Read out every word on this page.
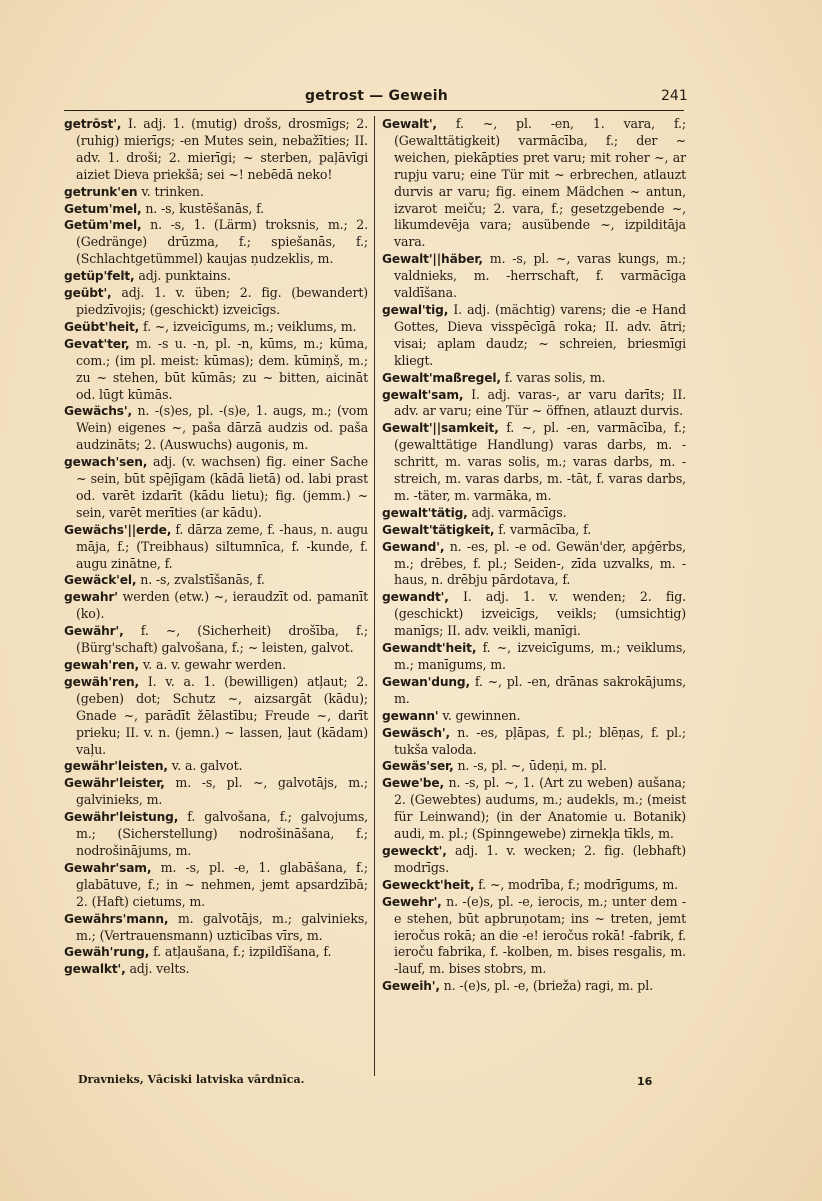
getrost — Geweih	241

getrōst', I. adj. 1. (mutig) drošs, drosmīgs; 2. (ruhig) mierīgs; -en Mutes sein, nebažīties; II. adv. 1. droši; 2. mierīgi; ~ sterben, paļāvīgi aiziet Dieva priekšā; sei ~! nebēdā neko!

getrunk'en v. trinken.

Getum'mel, n. -s, kustēšanās, f.

Getüm'mel, n. -s, 1. (Lärm) troksnis, m.; 2. (Gedränge) drūzma, f.; spiešanās, f.; (Schlachtgetümmel) kaujas ņudzeklis, m.

getüp'felt, adj. punktains.

geübt', adj. 1. v. üben; 2. fig. (bewandert) piedzīvojis; (geschickt) izveicīgs.

Geübt'heit, f. ~, izveicīgums, m.; veiklums, m.

Gevat'ter, m. -s u. -n, pl. -n, kūms, m.; kūma, com.; (im pl. meist: kūmas); dem. kūmiņš, m.; zu ~ stehen, būt kūmās; zu ~ bitten, aicināt od. lūgt kūmās.

Gewächs', n. -(s)es, pl. -(s)e, 1. augs, m.; (vom Wein) eigenes ~, paša dārzā audzis od. paša audzināts; 2. (Auswuchs) augonis, m.

gewach'sen, adj. (v. wachsen) fig. einer Sache ~ sein, būt spējīgam (kādā lietā) od. labi prast od. varēt izdarīt (kādu lietu); fig. (jemm.) ~ sein, varēt merīties (ar kādu).

Gewächs'||erde, f. dārza zeme, f. -haus, n. augu māja, f.; (Treibhaus) siltumnīca, f. -kunde, f. augu zinātne, f.

Gewäck'el, n. -s, zvalstīšanās, f.

gewahr' werden (etw.) ~, ieraudzīt od. pamanīt (ko).

Gewähr', f. ~, (Sicherheit) drošība, f.; (Bürg'schaft) galvošana, f.; ~ leisten, galvot.

gewah'ren, v. a. v. gewahr werden.

gewäh'ren, I. v. a. 1. (bewilligen) atļaut; 2. (geben) dot; Schutz ~, aizsargāt (kādu); Gnade ~, parādīt žēlastību; Freude ~, darīt prieku; II. v. n. (jemn.) ~ lassen, ļaut (kādam) vaļu.

gewähr'leisten, v. a. galvot.

Gewähr'leister, m. -s, pl. ~, galvotājs, m.; galvinieks, m.

Gewähr'leistung, f. galvošana, f.; galvojums, m.; (Sicherstellung) nodrošināšana, f.; nodrošinājums, m.

Gewahr'sam, m. -s, pl. -e, 1. glabāšana, f.; glabātuve, f.; in ~ nehmen, jemt apsardzībā; 2. (Haft) cietums, m.

Gewährs'mann, m. galvotājs, m.; galvinieks, m.; (Vertrauensmann) uzticības vīrs, m.

Gewäh'rung, f. atļaušana, f.; izpildīšana, f.

gewalkt', adj. velts.

Gewalt', f. ~, pl. -en, 1. vara, f.; (Gewalttätigkeit) varmācība, f.; der ~ weichen, piekāpties pret varu; mit roher ~, ar rupju varu; eine Tür mit ~ erbrechen, atlauzt durvis ar varu; fig. einem Mädchen ~ antun, izvarot meiču; 2. vara, f.; gesetzgebende ~, likumdevēja vara; ausübende ~, izpilditāja vara.

Gewalt'||häber, m. -s, pl. ~, varas kungs, m.; valdnieks, m. -herrschaft, f. varmācīga valdīšana.

gewal'tig, I. adj. (mächtig) varens; die -e Hand Gottes, Dieva visspēcīgā roka; II. adv. ātri; visai; aplam daudz; ~ schreien, briesmīgi kliegt.

Gewalt'maßregel, f. varas solis, m.

gewalt'sam, I. adj. varas-, ar varu darīts; II. adv. ar varu; eine Tür ~ öffnen, atlauzt durvis.

Gewalt'||samkeit, f. ~, pl. -en, varmācība, f.; (gewalttätige Handlung) varas darbs, m. -schritt, m. varas solis, m.; varas darbs, m. -streich, m. varas darbs, m. -tāt, f. varas darbs, m. -täter, m. varmāka, m.

gewalt'tätig, adj. varmācīgs.

Gewalt'tätigkeit, f. varmācība, f.

Gewand', n. -es, pl. -e od. Gewän'der, apģērbs, m.; drēbes, f. pl.; Seiden-, zīda uzvalks, m. -haus, n. drēbju pārdotava, f.

gewandt', I. adj. 1. v. wenden; 2. fig. (geschickt) izveicīgs, veikls; (umsichtig) manīgs; II. adv. veikli, manīgi.

Gewandt'heit, f. ~, izveicīgums, m.; veiklums, m.; manīgums, m.

Gewan'dung, f. ~, pl. -en, drānas sakrokājums, m.

gewann' v. gewinnen.

Gewäsch', n. -es, pļāpas, f. pl.; blēņas, f. pl.; tukša valoda.

Gewäs'ser, n. -s, pl. ~, ūdeņi, m. pl.

Gewe'be, n. -s, pl. ~, 1. (Art zu weben) aušana; 2. (Gewebtes) audums, m.; audekls, m.; (meist für Leinwand); (in der Anatomie u. Botanik) audi, m. pl.; (Spinngewebe) zirnekļa tīkls, m.

geweckt', adj. 1. v. wecken; 2. fig. (lebhaft) modrīgs.

Geweckt'heit, f. ~, modrība, f.; modrīgums, m.

Gewehr', n. -(e)s, pl. -e, ierocis, m.; unter dem -e stehen, būt apbruņotam; ins ~ treten, jemt ieročus rokā; an die -e! ieročus rokā! -fabrik, f. ieroču fabrika, f. -kolben, m. bises resgalis, m. -lauf, m. bises stobrs, m.

Geweih', n. -(e)s, pl. -e, (brieža) ragi, m. pl.

Dravnieks, Vāciski latviska vārdnīca.	16
